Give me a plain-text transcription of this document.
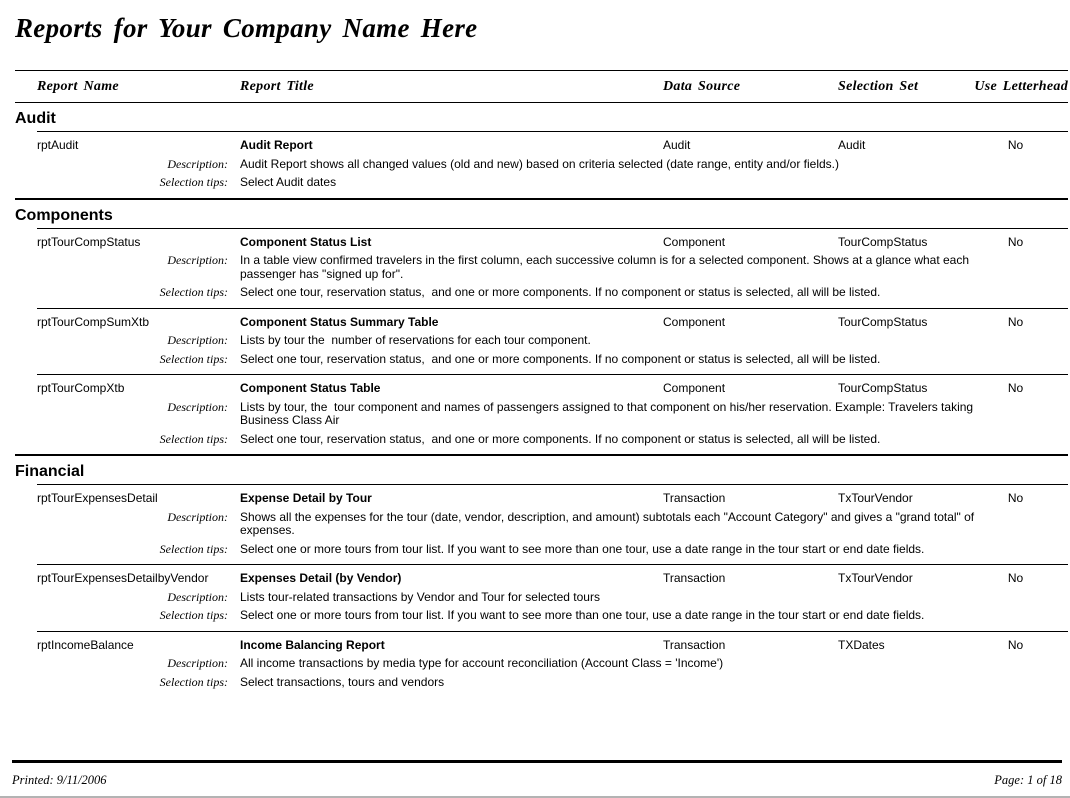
Reports for Your Company Name Here
Report Name	Report Title	Data Source	Selection Set	Use Letterhead
Audit
rptAudit	Audit Report	Audit	Audit	No
Description:	Audit Report shows all changed values (old and new) based on criteria selected (date range, entity and/or fields.)
Selection tips:	Select Audit dates
Components
rptTourCompStatus	Component Status List	Component	TourCompStatus	No
Description:	In a table view confirmed travelers in the first column, each successive column is for a selected component. Shows at a glance what each passenger has "signed up for".
Selection tips:	Select one tour, reservation status,  and one or more components. If no component or status is selected, all will be listed.
rptTourCompSumXtb	Component Status Summary Table	Component	TourCompStatus	No
Description:	Lists by tour the  number of reservations for each tour component.
Selection tips:	Select one tour, reservation status,  and one or more components. If no component or status is selected, all will be listed.
rptTourCompXtb	Component Status Table	Component	TourCompStatus	No
Description:	Lists by tour, the  tour component and names of passengers assigned to that component on his/her reservation. Example: Travelers taking Business Class Air
Selection tips:	Select one tour, reservation status,  and one or more components. If no component or status is selected, all will be listed.
Financial
rptTourExpensesDetail	Expense Detail by Tour	Transaction	TxTourVendor	No
Description:	Shows all the expenses for the tour (date, vendor, description, and amount) subtotals each "Account Category" and gives a "grand total" of expenses.
Selection tips:	Select one or more tours from tour list. If you want to see more than one tour, use a date range in the tour start or end date fields.
rptTourExpensesDetailbyVendor	Expenses Detail (by Vendor)	Transaction	TxTourVendor	No
Description:	Lists tour-related transactions by Vendor and Tour for selected tours
Selection tips:	Select one or more tours from tour list. If you want to see more than one tour, use a date range in the tour start or end date fields.
rptIncomeBalance	Income Balancing Report	Transaction	TXDates	No
Description:	All income transactions by media type for account reconciliation (Account Class = 'Income')
Selection tips:	Select transactions, tours and vendors
Printed: 9/11/2006	Page: 1 of 18
